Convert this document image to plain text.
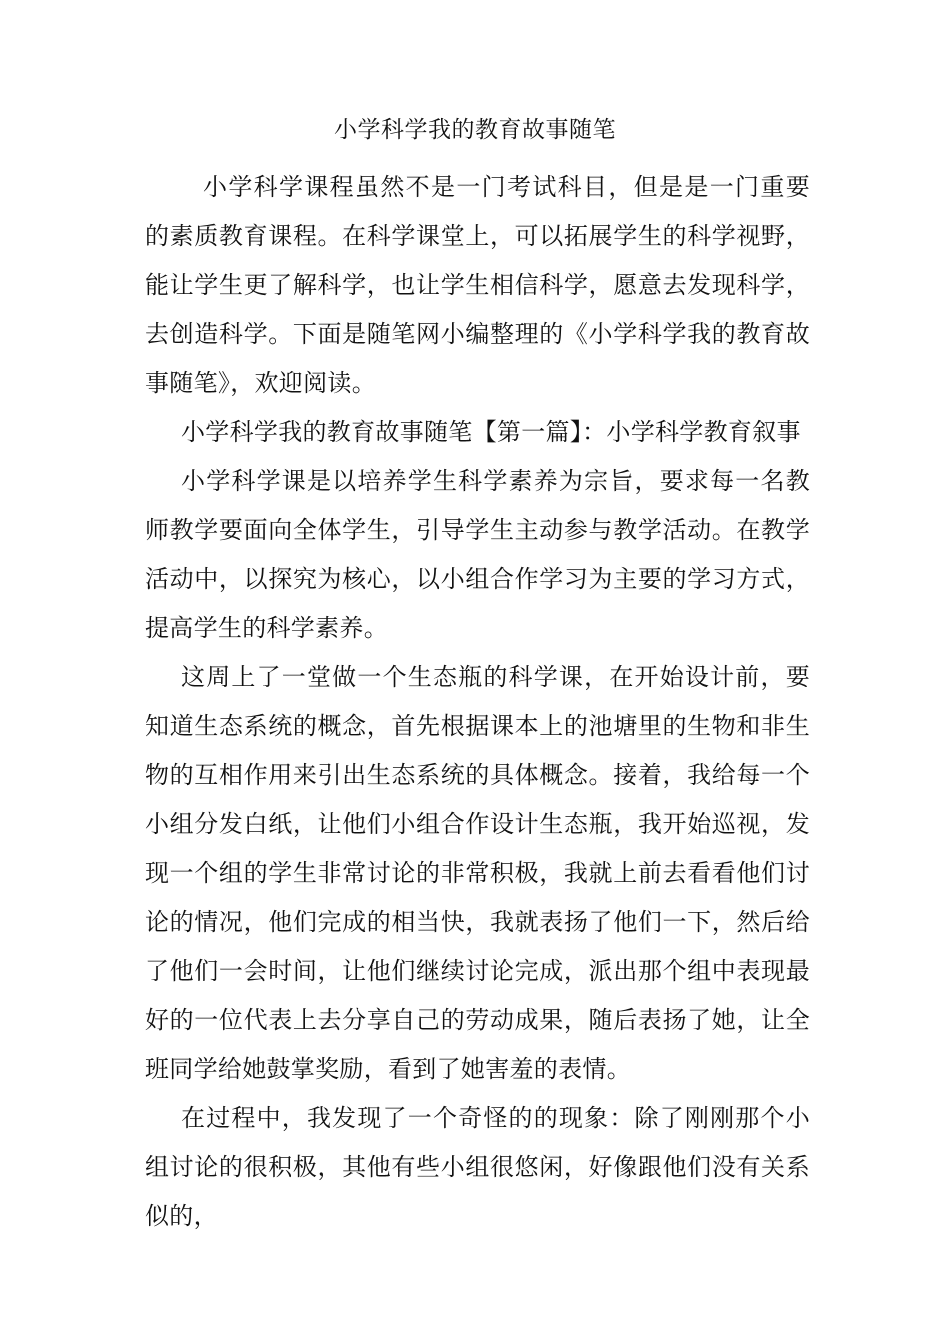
小学科学我的教育故事随笔

小学科学课程虽然不是一门考试科目，但是是一门重要的素质教育课程。在科学课堂上，可以拓展学生的科学视野，能让学生更了解科学，也让学生相信科学，愿意去发现科学，去创造科学。下面是随笔网小编整理的《小学科学我的教育故事随笔》，欢迎阅读。

小学科学我的教育故事随笔【第一篇】：小学科学教育叙事

小学科学课是以培养学生科学素养为宗旨，要求每一名教师教学要面向全体学生，引导学生主动参与教学活动。在教学活动中，以探究为核心，以小组合作学习为主要的学习方式，提高学生的科学素养。

这周上了一堂做一个生态瓶的科学课，在开始设计前，要知道生态系统的概念，首先根据课本上的池塘里的生物和非生物的互相作用来引出生态系统的具体概念。接着，我给每一个小组分发白纸，让他们小组合作设计生态瓶，我开始巡视，发现一个组的学生非常讨论的非常积极，我就上前去看看他们讨论的情况，他们完成的相当快，我就表扬了他们一下，然后给了他们一会时间，让他们继续讨论完成，派出那个组中表现最好的一位代表上去分享自己的劳动成果，随后表扬了她，让全班同学给她鼓掌奖励，看到了她害羞的表情。

在过程中，我发现了一个奇怪的的现象：除了刚刚那个小组讨论的很积极，其他有些小组很悠闲，好像跟他们没有关系似的，
